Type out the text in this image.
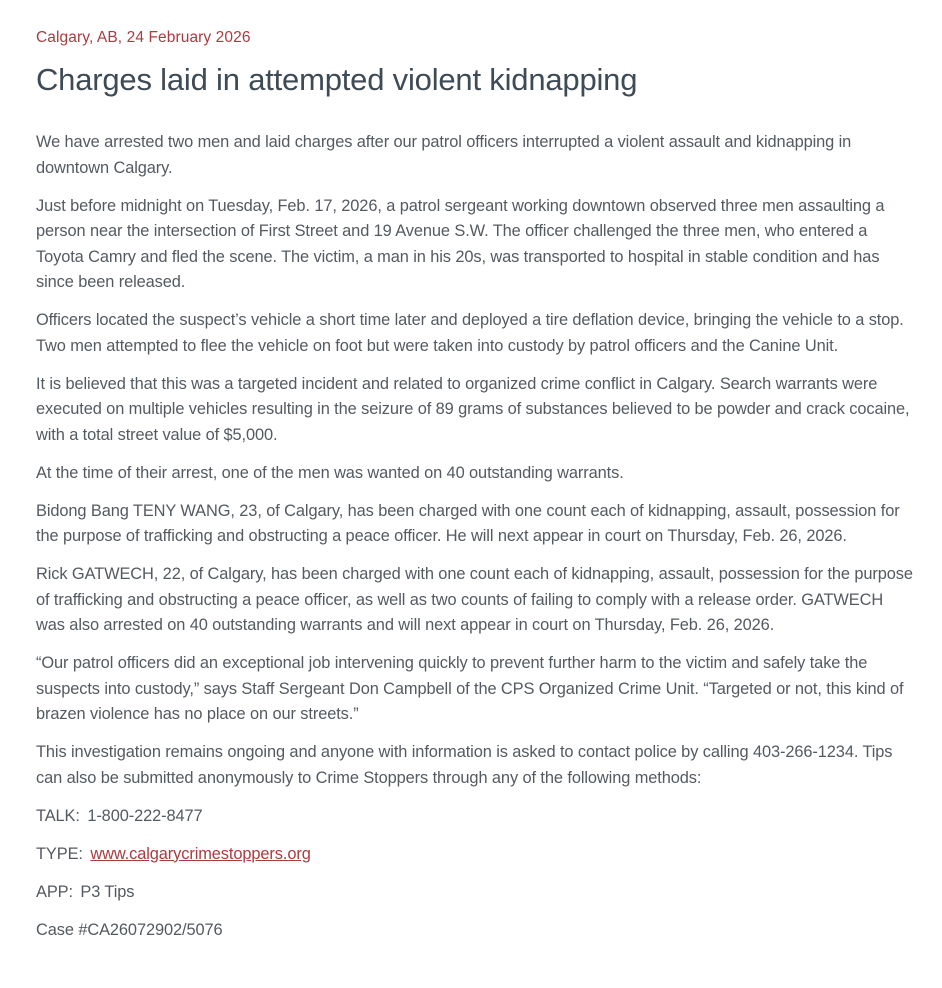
Calgary, AB, 24 February 2026
Charges laid in attempted violent kidnapping

We have arrested two men and laid charges after our patrol officers interrupted a violent assault and kidnapping in downtown Calgary.

Just before midnight on Tuesday, Feb. 17, 2026, a patrol sergeant working downtown observed three men assaulting a person near the intersection of First Street and 19 Avenue S.W. The officer challenged the three men, who entered a Toyota Camry and fled the scene. The victim, a man in his 20s, was transported to hospital in stable condition and has since been released.

Officers located the suspect’s vehicle a short time later and deployed a tire deflation device, bringing the vehicle to a stop. Two men attempted to flee the vehicle on foot but were taken into custody by patrol officers and the Canine Unit.

It is believed that this was a targeted incident and related to organized crime conflict in Calgary. Search warrants were executed on multiple vehicles resulting in the seizure of 89 grams of substances believed to be powder and crack cocaine, with a total street value of $5,000.

At the time of their arrest, one of the men was wanted on 40 outstanding warrants.

Bidong Bang TENY WANG, 23, of Calgary, has been charged with one count each of kidnapping, assault, possession for the purpose of trafficking and obstructing a peace officer. He will next appear in court on Thursday, Feb. 26, 2026.

Rick GATWECH, 22, of Calgary, has been charged with one count each of kidnapping, assault, possession for the purpose of trafficking and obstructing a peace officer, as well as two counts of failing to comply with a release order. GATWECH was also arrested on 40 outstanding warrants and will next appear in court on Thursday, Feb. 26, 2026.

“Our patrol officers did an exceptional job intervening quickly to prevent further harm to the victim and safely take the suspects into custody,” says Staff Sergeant Don Campbell of the CPS Organized Crime Unit. “Targeted or not, this kind of brazen violence has no place on our streets.”

This investigation remains ongoing and anyone with information is asked to contact police by calling 403-266-1234. Tips can also be submitted anonymously to Crime Stoppers through any of the following methods:

TALK: 1-800-222-8477

TYPE: www.calgarycrimestoppers.org

APP: P3 Tips

Case #CA26072902/5076
